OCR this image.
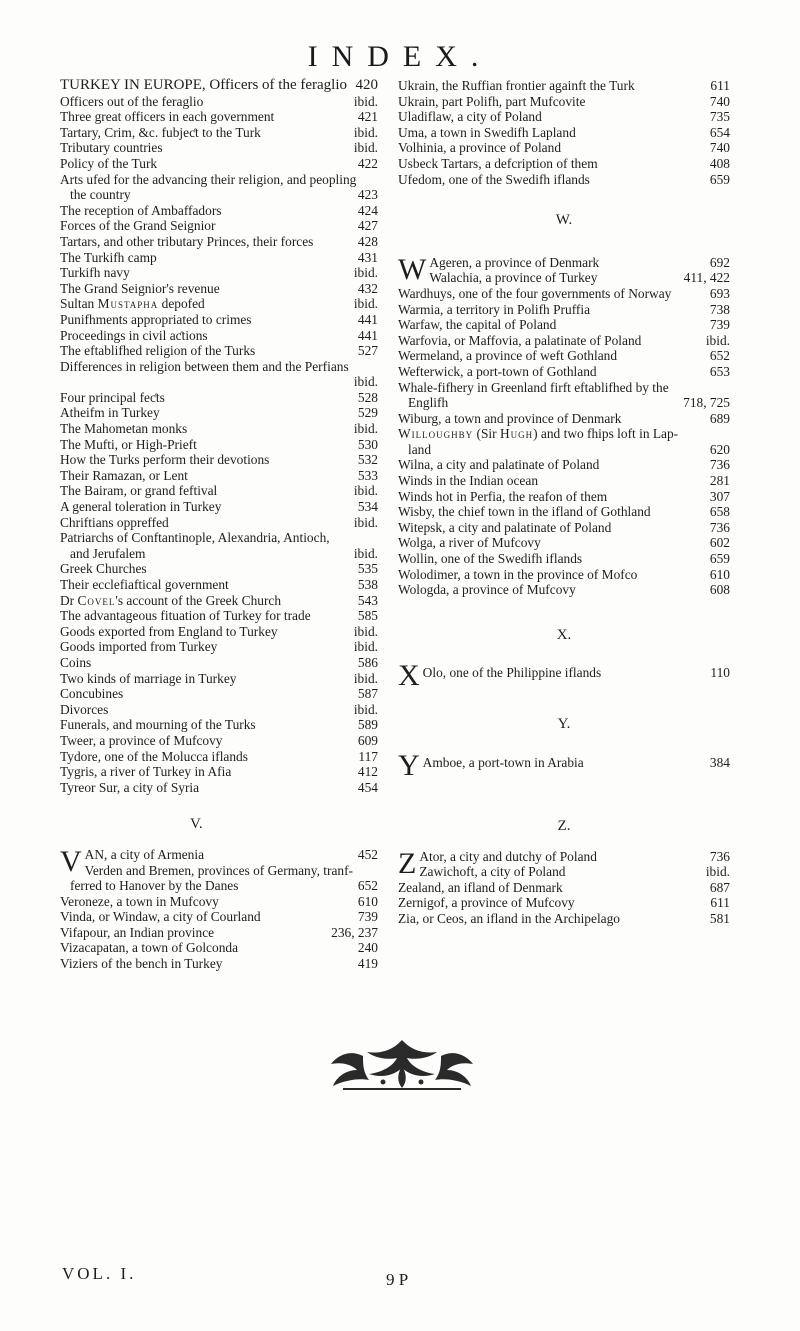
INDEX.
TURKEY IN EUROPE, Officers of the feraglio 420
Officers out of the feraglio	ibid.
Three great officers in each government	421
Tartary, Crim, &c. fubjeƈt to the Turk	ibid.
Tributary countries	ibid.
Policy of the Turk	422
Arts ufed for the advancing their religion, and peopling
the country	423
The reception of Ambaffadors	424
Forces of the Grand Seignior	427
Tartars, and other tributary Princes, their forces	428
The Turkifh camp	431
Turkifh navy	ibid.
The Grand Seignior's revenue	432
Sultan Mustapha depofed	ibid.
Punifhments appropriated to crimes	441
Proceedings in civil aƈtions	441
The eftablifhed religion of the Turks	527
Differences in religion between them and the Perfians
ibid.
Four principal feƈts	528
Atheifm in Turkey	529
The Mahometan monks	ibid.
The Mufti, or High-Prieft	530
How the Turks perform their devotions	532
Their Ramazan, or Lent	533
The Bairam, or grand feftival	ibid.
A general toleration in Turkey	534
Chriftians oppreffed	ibid.
Patriarchs of Conftantinople, Alexandria, Antioch,
and Jerufalem	ibid.
Greek Churches	535
Their ecclefiaftical government	538
Dr Covel's account of the Greek Church	543
The advantageous fituation of Turkey for trade	585
Goods exported from England to Turkey	ibid.
Goods imported from Turkey	ibid.
Coins	586
Two kinds of marriage in Turkey	ibid.
Concubines	587
Divorces	ibid.
Funerals, and mourning of the Turks	589
Tweer, a province of Mufcovy	609
Tydore, one of the Molucca iflands	117
Tygris, a river of Turkey in Afia	412
Tyreor Sur, a city of Syria	454
V.
V AN, a city of Armenia	452
Verden and Bremen, provinces of Germany, tranf-
ferred to Hanover by the Danes	652
Veroneze, a town in Mufcovy	610
Vinda, or Windaw, a city of Courland	739
Vifapour, an Indian province	236, 237
Vizacapatan, a town of Golconda	240
Viziers of the bench in Turkey	419
Ukrain, the Ruffian frontier againft the Turk	611
Ukrain, part Polifh, part Mufcovite	740
Uladiflaw, a city of Poland	735
Uma, a town in Swedifh Lapland	654
Volhinia, a province of Poland	740
Usbeck Tartars, a defcription of them	408
Ufedom, one of the Swedifh iflands	659
W.
W Ageren, a province of Denmark	692
Walachia, a province of Turkey	411, 422
Wardhuys, one of the four governments of Norway	693
Warmia, a territory in Polifh Pruffia	738
Warfaw, the capital of Poland	739
Warfovia, or Maffovia, a palatinate of Poland	ibid.
Wermeland, a province of weft Gothland	652
Wefterwick, a port-town of Gothland	653
Whale-fifhery in Greenland firft eftablifhed by the
Englifh	718, 725
Wiburg, a town and province of Denmark	689
Willoughby (Sir Hugh) and two fhips loft in Lap-
land	620
Wilna, a city and palatinate of Poland	736
Winds in the Indian ocean	281
Winds hot in Perfia, the reafon of them	307
Wisby, the chief town in the ifland of Gothland	658
Witepsk, a city and palatinate of Poland	736
Wolga, a river of Mufcovy	602
Wollin, one of the Swedifh iflands	659
Wolodimer, a town in the province of Mofco	610
Wologda, a province of Mufcovy	608
X.
X Olo, one of the Philippine iflands	110
Y.
Y Amboe, a port-town in Arabia	384
Z.
Z Ator, a city and dutchy of Poland	736
Zawichoft, a city of Poland	ibid.
Zealand, an ifland of Denmark	687
Zernigof, a province of Mufcovy	611
Zia, or Ceos, an ifland in the Archipelago	581
VOL. I.	9 P
